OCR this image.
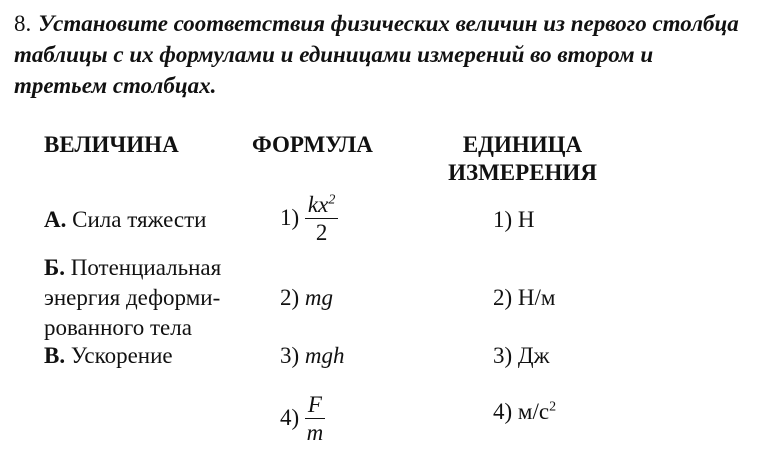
8. Установите соответствия физических величин из первого столбца таблицы с их формулами и единицами измерений во втором и третьем столбцах.
ВЕЛИЧИНА	ФОРМУЛА	ЕДИНИЦА
ИЗМЕРЕНИЯ
А. Сила тяжести
Б. Потенциальная
энергия деформи-
рованного тела
В. Ускорение
$1) \frac{kx^2}{2}$
2) mg
3) mgh
$4) \frac{F}{m}$
1) Н
2) Н/м
3) Дж
4) $м/с^2$
